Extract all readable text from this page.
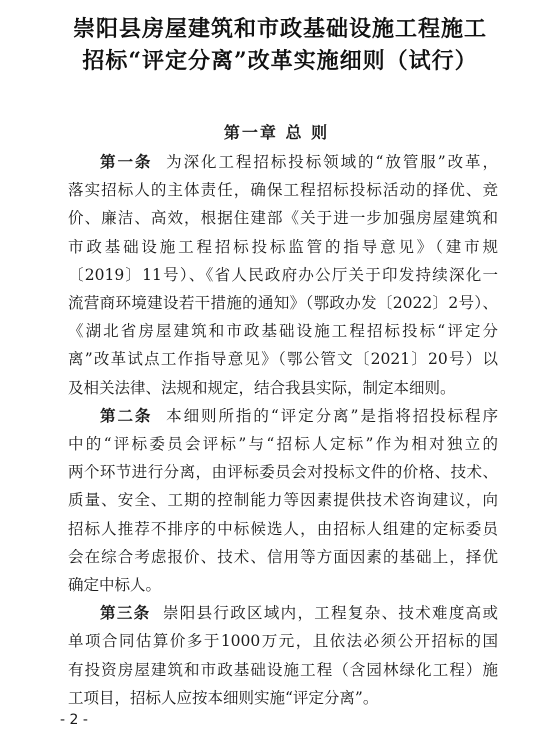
崇阳县房屋建筑和市政基础设施工程施工
招标“评定分离”改革实施细则（试行）
第一章 总 则
第一条 为深化工程招标投标领域的“放管服”改革，
落实招标人的主体责任，确保工程招标投标活动的择优、竞
价、廉洁、高效，根据住建部《关于进一步加强房屋建筑和
市政基础设施工程招标投标监管的指导意见》（建市规
〔2019〕11号）、《省人民政府办公厅关于印发持续深化一
流营商环境建设若干措施的通知》（鄂政办发〔2022〕2号）、
《湖北省房屋建筑和市政基础设施工程招标投标“评定分
离”改革试点工作指导意见》（鄂公管文〔2021〕20号）以
及相关法律、法规和规定，结合我县实际，制定本细则。
第二条 本细则所指的“评定分离”是指将招投标程序
中的“评标委员会评标”与“招标人定标”作为相对独立的
两个环节进行分离，由评标委员会对投标文件的价格、技术、
质量、安全、工期的控制能力等因素提供技术咨询建议，向
招标人推荐不排序的中标候选人，由招标人组建的定标委员
会在综合考虑报价、技术、信用等方面因素的基础上，择优
确定中标人。
第三条 崇阳县行政区域内，工程复杂、技术难度高或
单项合同估算价多于1000万元，且依法必须公开招标的国
有投资房屋建筑和市政基础设施工程（含园林绿化工程）施
工项目，招标人应按本细则实施“评定分离”。
- 2 -
